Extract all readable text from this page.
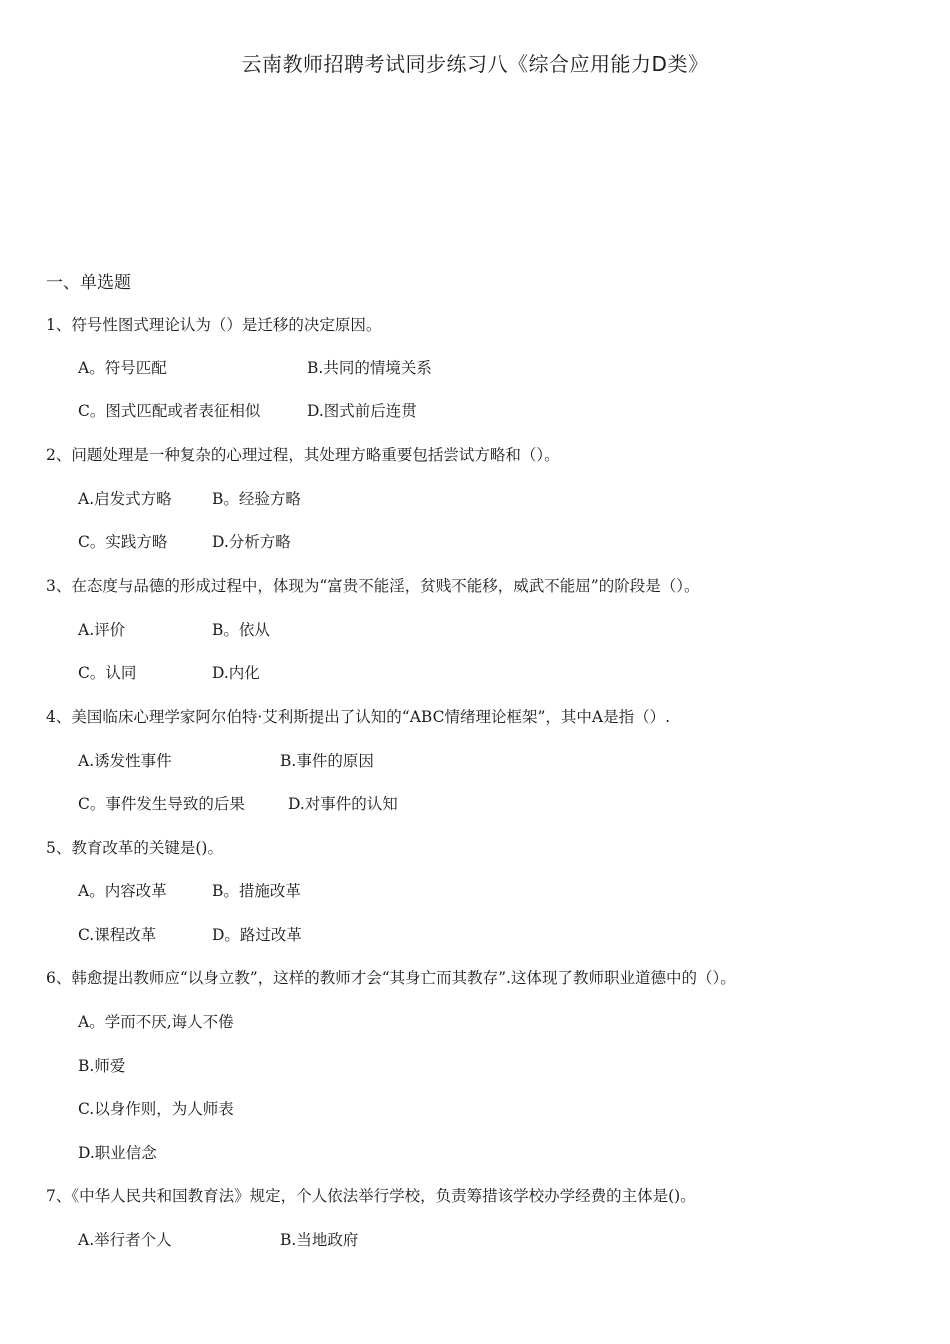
云南教师招聘考试同步练习八《综合应用能力D类》
一、单选题
1、符号性图式理论认为（）是迁移的决定原因。
A。符号匹配	B.共同的情境关系
C。图式匹配或者表征相似	D.图式前后连贯
2、问题处理是一种复杂的心理过程，其处理方略重要包括尝试方略和（）。
A.启发式方略	B。经验方略
C。实践方略	D.分析方略
3、在态度与品德的形成过程中，体现为“富贵不能淫，贫贱不能移，威武不能屈”的阶段是（）。
A.评价	B。依从
C。认同	D.内化
4、美国临床心理学家阿尔伯特·艾利斯提出了认知的“ABC情绪理论框架”，其中A是指（）.
A.诱发性事件	B.事件的原因
C。事件发生导致的后果	D.对事件的认知
5、教育改革的关键是()。
A。内容改革	B。措施改革
C.课程改革	D。路过改革
6、韩愈提出教师应“以身立教”，这样的教师才会“其身亡而其教存”.这体现了教师职业道德中的（）。
A。学而不厌,诲人不倦
B.师爱
C.以身作则，为人师表
D.职业信念
7、《中华人民共和国教育法》规定，个人依法举行学校，负责筹措该学校办学经费的主体是()。
A.举行者个人	B.当地政府
